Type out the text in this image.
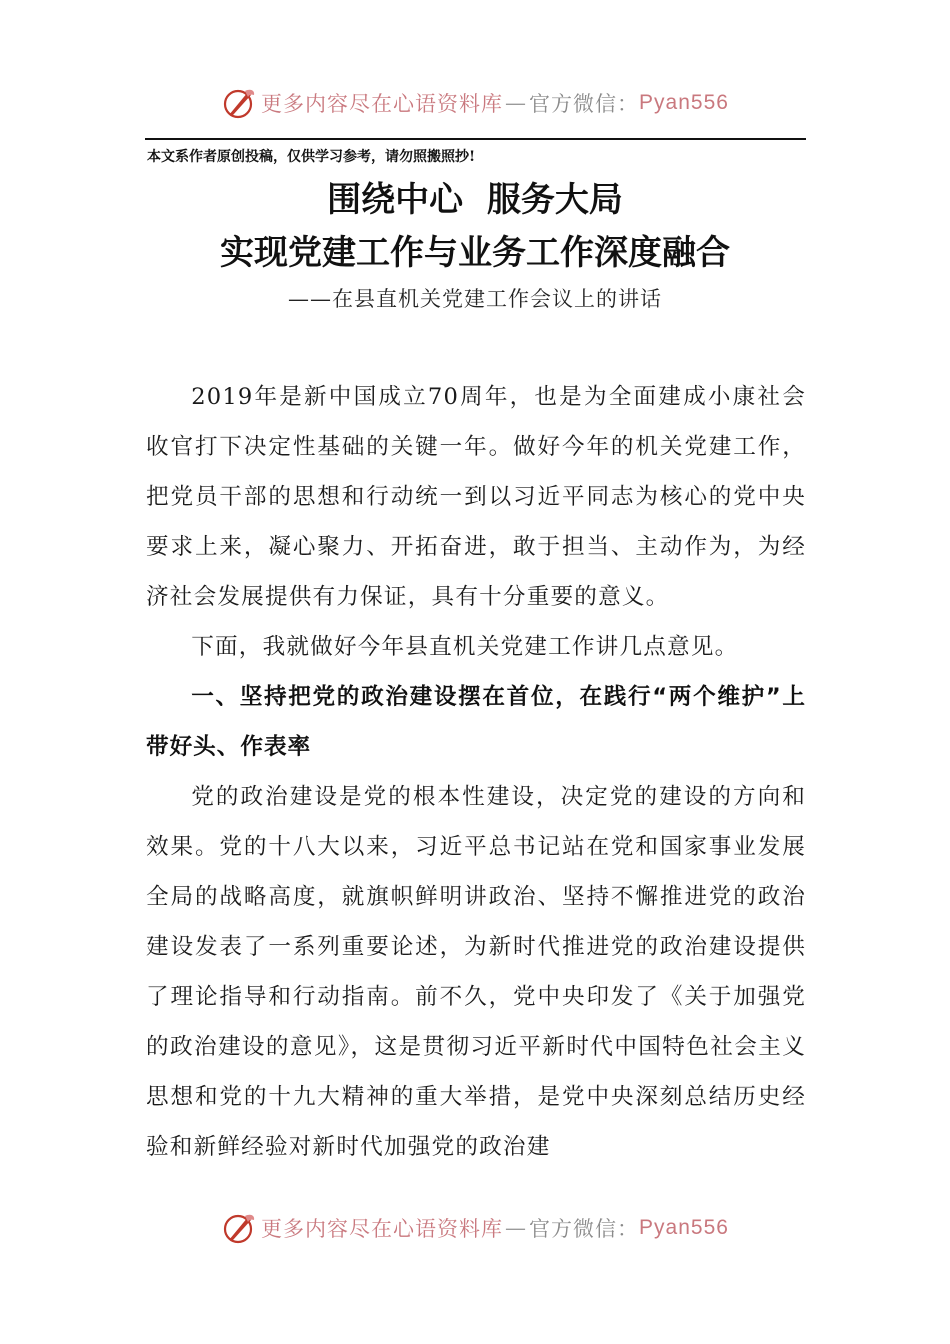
更多内容尽在心语资料库 — 官方微信： Pyan556
本文系作者原创投稿，仅供学习参考，请勿照搬照抄!
围绕中心  服务大局
实现党建工作与业务工作深度融合
——在县直机关党建工作会议上的讲话

2019年是新中国成立70周年，也是为全面建成小康社会收官打下决定性基础的关键一年。做好今年的机关党建工作，把党员干部的思想和行动统一到以习近平同志为核心的党中央要求上来，凝心聚力、开拓奋进，敢于担当、主动作为，为经济社会发展提供有力保证，具有十分重要的意义。

下面，我就做好今年县直机关党建工作讲几点意见。

一、坚持把党的政治建设摆在首位，在践行“两个维护”上带好头、作表率

党的政治建设是党的根本性建设，决定党的建设的方向和效果。党的十八大以来，习近平总书记站在党和国家事业发展全局的战略高度，就旗帜鲜明讲政治、坚持不懈推进党的政治建设发表了一系列重要论述，为新时代推进党的政治建设提供了理论指导和行动指南。前不久，党中央印发了《关于加强党的政治建设的意见》，这是贯彻习近平新时代中国特色社会主义思想和党的十九大精神的重大举措，是党中央深刻总结历史经验和新鲜经验对新时代加强党的政治建

更多内容尽在心语资料库 — 官方微信： Pyan556
